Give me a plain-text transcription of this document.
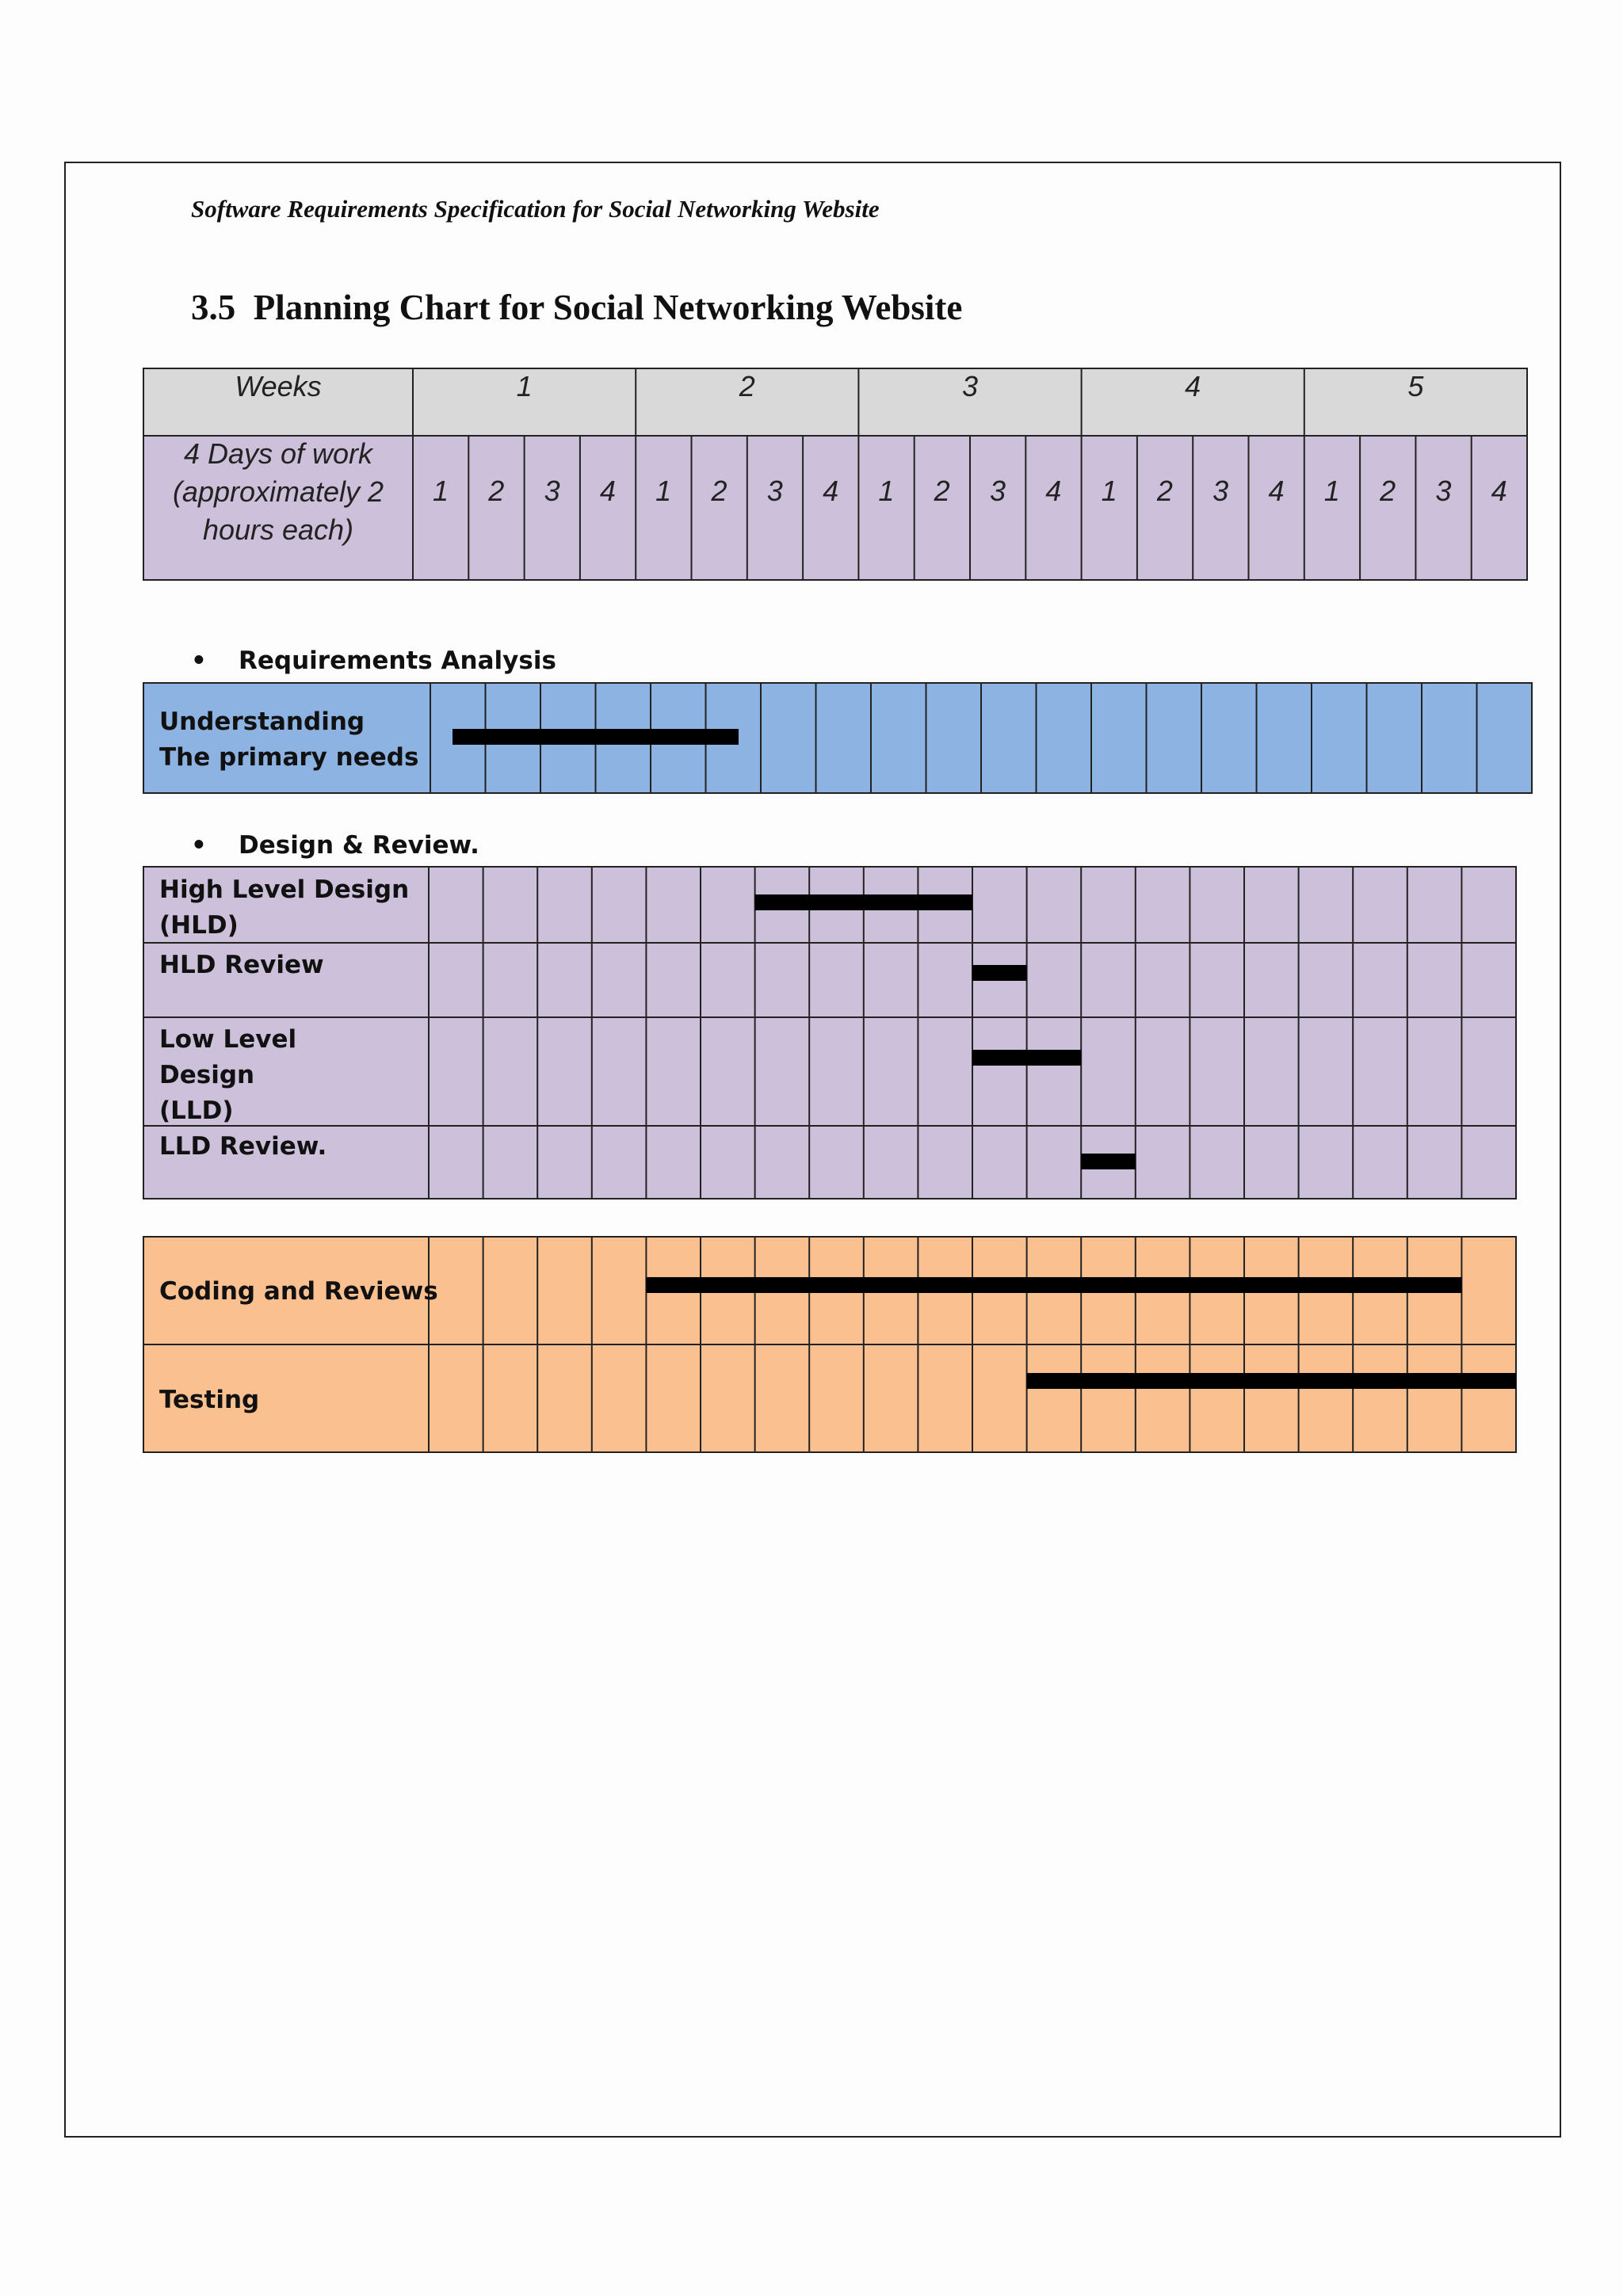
Software Requirements Specification for Social Networking Website
3.5  Planning Chart for Social Networking Website
• Requirements Analysis
• Design & Review.
Weeks	1
1 2 3 4
2
1 2 3 4
3
1 2 3 4
4
1 2 3 4
5
1 2 3 4
4 Days of work
(approximately 2
hours each)
Understanding
The primary needs
High Level Design
(HLD)
HLD Review
Low Level
Design
(LLD)
LLD Review.
Coding and Reviews
Testing
